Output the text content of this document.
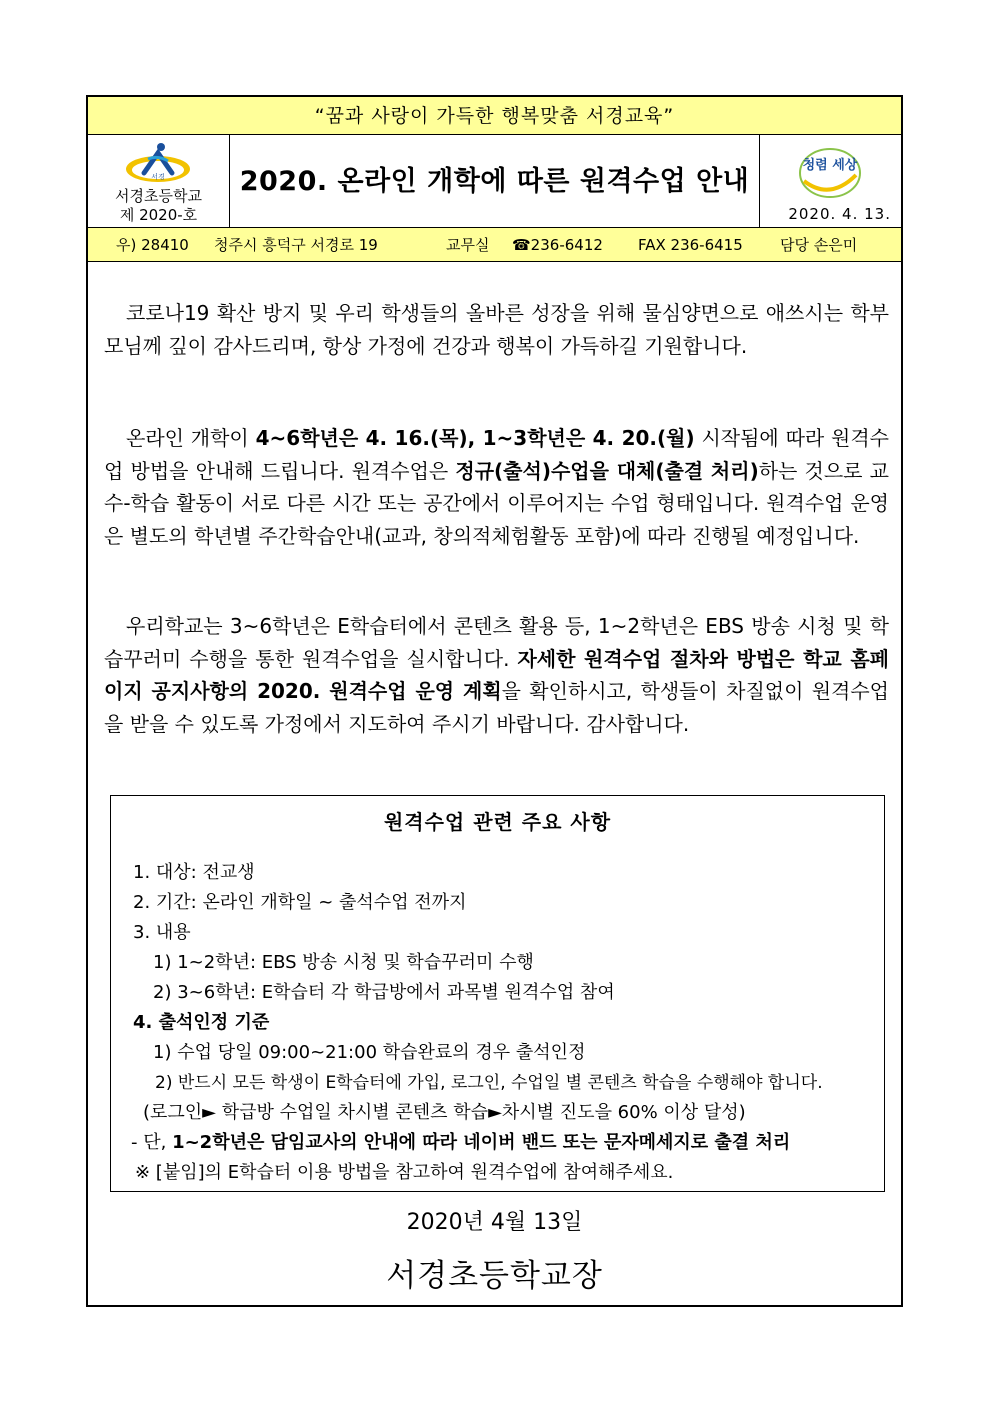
“꿈과 사랑이 가득한 행복맞춤 서경교육”
서경
서경초등학교
제 2020-호
2020. 온라인 개학에 따른 원격수업 안내
청렴 세상
2020. 4. 13.
우) 28410 청주시 흥덕구 서경로 19	교무실 ☎236-6412 FAX 236-6415 담당 손은미

코로나19 확산 방지 및 우리 학생들의 올바른 성장을 위해 물심양면으로 애쓰시는 학부모님께 깊이 감사드리며, 항상 가정에 건강과 행복이 가득하길 기원합니다.

온라인 개학이 4~6학년은 4. 16.(목), 1~3학년은 4. 20.(월) 시작됨에 따라 원격수업 방법을 안내해 드립니다. 원격수업은 정규(출석)수업을 대체(출결 처리)하는 것으로 교수-학습 활동이 서로 다른 시간 또는 공간에서 이루어지는 수업 형태입니다. 원격수업 운영은 별도의 학년별 주간학습안내(교과, 창의적체험활동 포함)에 따라 진행될 예정입니다.

우리학교는 3~6학년은 E학습터에서 콘텐츠 활용 등, 1~2학년은 EBS 방송 시청 및 학습꾸러미 수행을 통한 원격수업을 실시합니다. 자세한 원격수업 절차와 방법은 학교 홈페이지 공지사항의 2020. 원격수업 운영 계획을 확인하시고, 학생들이 차질없이 원격수업을 받을 수 있도록 가정에서 지도하여 주시기 바랍니다. 감사합니다.

원격수업 관련 주요 사항
1. 대상: 전교생
2. 기간: 온라인 개학일 ~ 출석수업 전까지
3. 내용
1) 1~2학년: EBS 방송 시청 및 학습꾸러미 수행
2) 3~6학년: E학습터 각 학급방에서 과목별 원격수업 참여
4. 출석인정 기준
1) 수업 당일 09:00~21:00 학습완료의 경우 출석인정
2) 반드시 모든 학생이 E학습터에 가입, 로그인, 수업일 별 콘텐츠 학습을 수행해야 합니다.
(로그인► 학급방 수업일 차시별 콘텐츠 학습►차시별 진도을 60% 이상 달성)
- 단, 1~2학년은 담임교사의 안내에 따라 네이버 밴드 또는 문자메세지로 출결 처리
※ [붙임]의 E학습터 이용 방법을 참고하여 원격수업에 참여해주세요.
2020년 4월 13일
서경초등학교장
